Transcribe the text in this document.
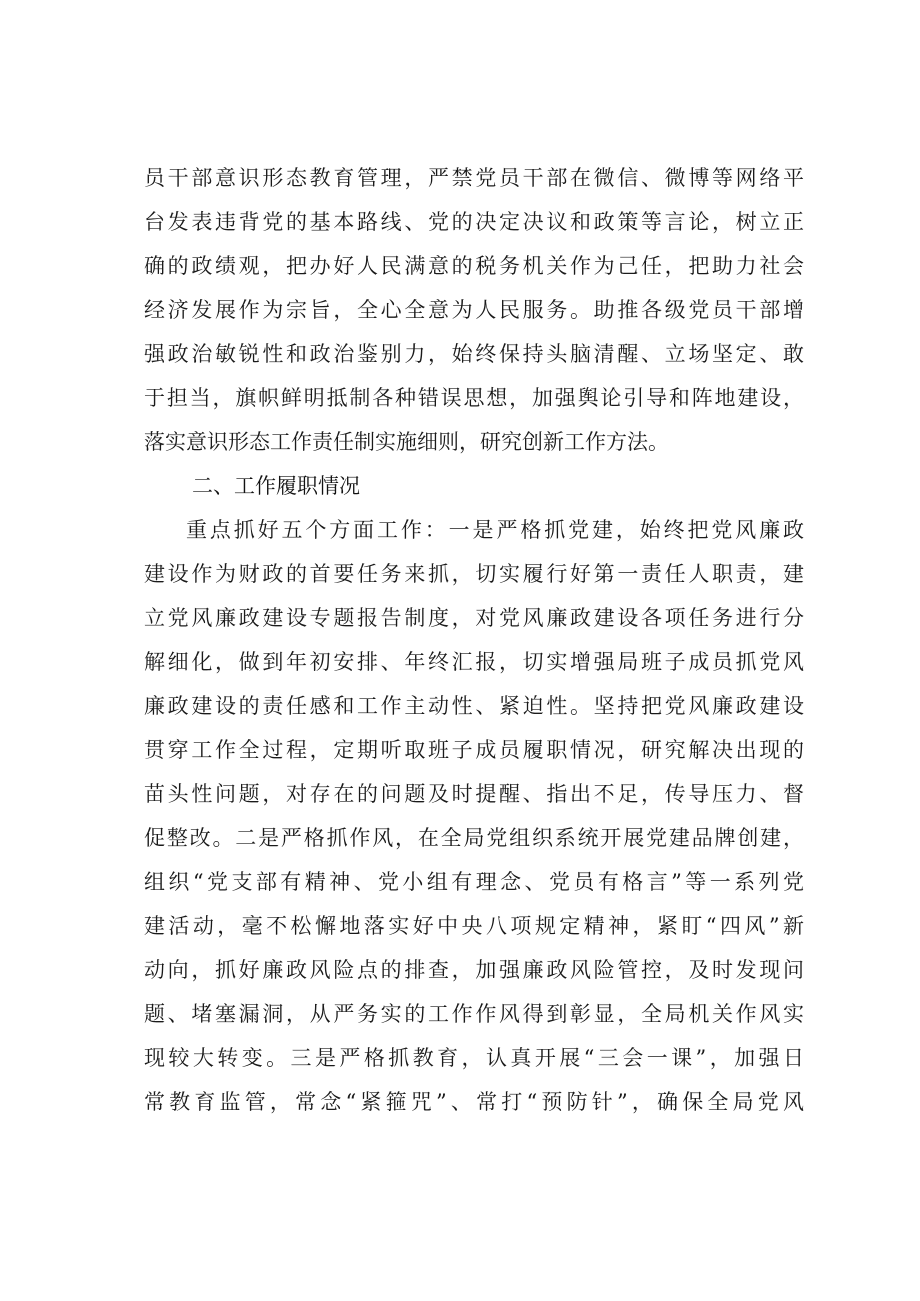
员干部意识形态教育管理，严禁党员干部在微信、微博等网络平
台发表违背党的基本路线、党的决定决议和政策等言论，树立正
确的政绩观，把办好人民满意的税务机关作为己任，把助力社会
经济发展作为宗旨，全心全意为人民服务。助推各级党员干部增
强政治敏锐性和政治鉴别力，始终保持头脑清醒、立场坚定、敢
于担当，旗帜鲜明抵制各种错误思想，加强舆论引导和阵地建设，
落实意识形态工作责任制实施细则，研究创新工作方法。
二、工作履职情况
重点抓好五个方面工作：一是严格抓党建，始终把党风廉政
建设作为财政的首要任务来抓，切实履行好第一责任人职责，建
立党风廉政建设专题报告制度，对党风廉政建设各项任务进行分
解细化，做到年初安排、年终汇报，切实增强局班子成员抓党风
廉政建设的责任感和工作主动性、紧迫性。坚持把党风廉政建设
贯穿工作全过程，定期听取班子成员履职情况，研究解决出现的
苗头性问题，对存在的问题及时提醒、指出不足，传导压力、督
促整改。二是严格抓作风，在全局党组织系统开展党建品牌创建，
组织“党支部有精神、党小组有理念、党员有格言”等一系列党
建活动，毫不松懈地落实好中央八项规定精神，紧盯“四风”新
动向，抓好廉政风险点的排查，加强廉政风险管控，及时发现问
题、堵塞漏洞，从严务实的工作作风得到彰显，全局机关作风实
现较大转变。三是严格抓教育，认真开展“三会一课”，加强日
常教育监管，常念“紧箍咒”、常打“预防针”，确保全局党风
